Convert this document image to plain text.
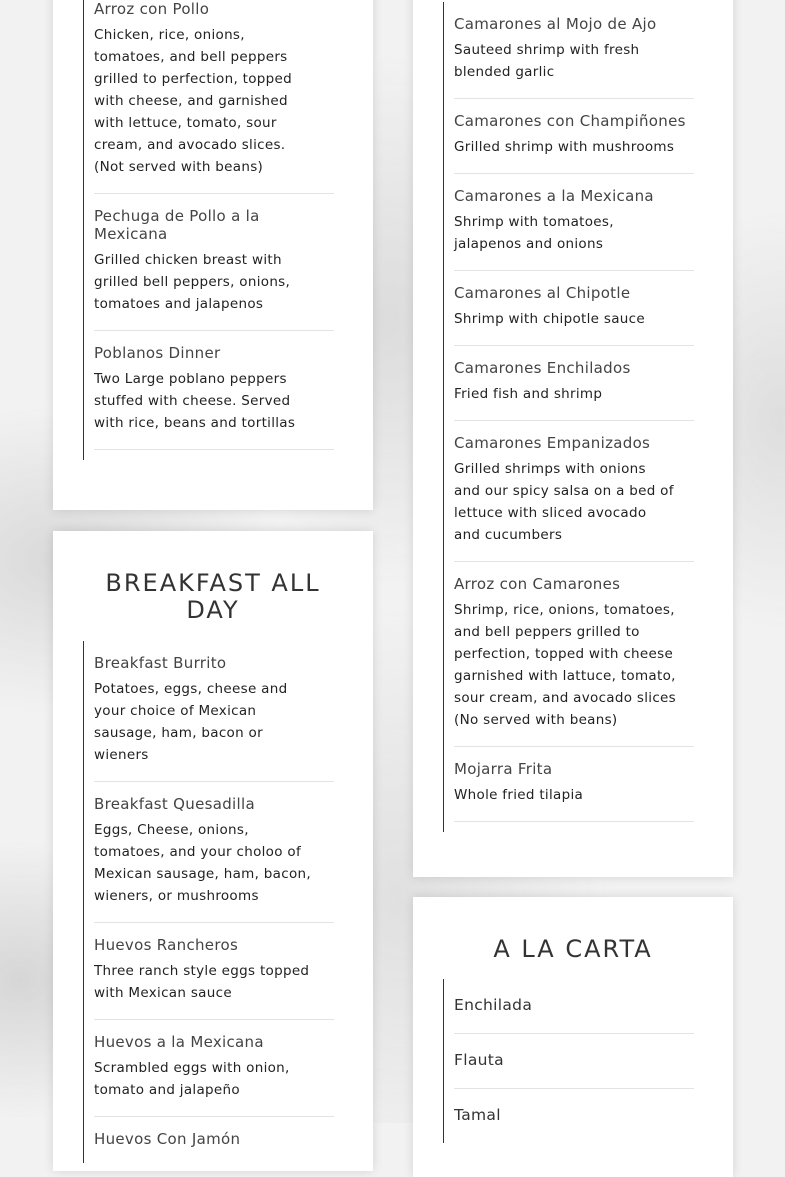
Arroz con Pollo
Chicken, rice, onions, tomatoes, and bell peppers grilled to perfection, topped with cheese, and garnished with lettuce, tomato, sour cream, and avocado slices. (Not served with beans)
Pechuga de Pollo a la Mexicana
Grilled chicken breast with grilled bell peppers, onions, tomatoes and jalapenos
Poblanos Dinner
Two Large poblano peppers stuffed with cheese. Served with rice, beans and tortillas
BREAKFAST ALL DAY
Breakfast Burrito
Potatoes, eggs, cheese and your choice of Mexican sausage, ham, bacon or wieners
Breakfast Quesadilla
Eggs, Cheese, onions, tomatoes, and your choloo of Mexican sausage, ham, bacon, wieners, or mushrooms
Huevos Rancheros
Three ranch style eggs topped with Mexican sauce
Huevos a la Mexicana
Scrambled eggs with onion, tomato and jalapeño
Huevos Con Jamón
Camarones al Mojo de Ajo
Sauteed shrimp with fresh blended garlic
Camarones con Champiñones
Grilled shrimp with mushrooms
Camarones a la Mexicana
Shrimp with tomatoes, jalapenos and onions
Camarones al Chipotle
Shrimp with chipotle sauce
Camarones Enchilados
Fried fish and shrimp
Camarones Empanizados
Grilled shrimps with onions and our spicy salsa on a bed of lettuce with sliced avocado and cucumbers
Arroz con Camarones
Shrimp, rice, onions, tomatoes, and bell peppers grilled to perfection, topped with cheese garnished with lattuce, tomato, sour cream, and avocado slices (No served with beans)
Mojarra Frita
Whole fried tilapia
A LA CARTA
Enchilada
Flauta
Tamal
